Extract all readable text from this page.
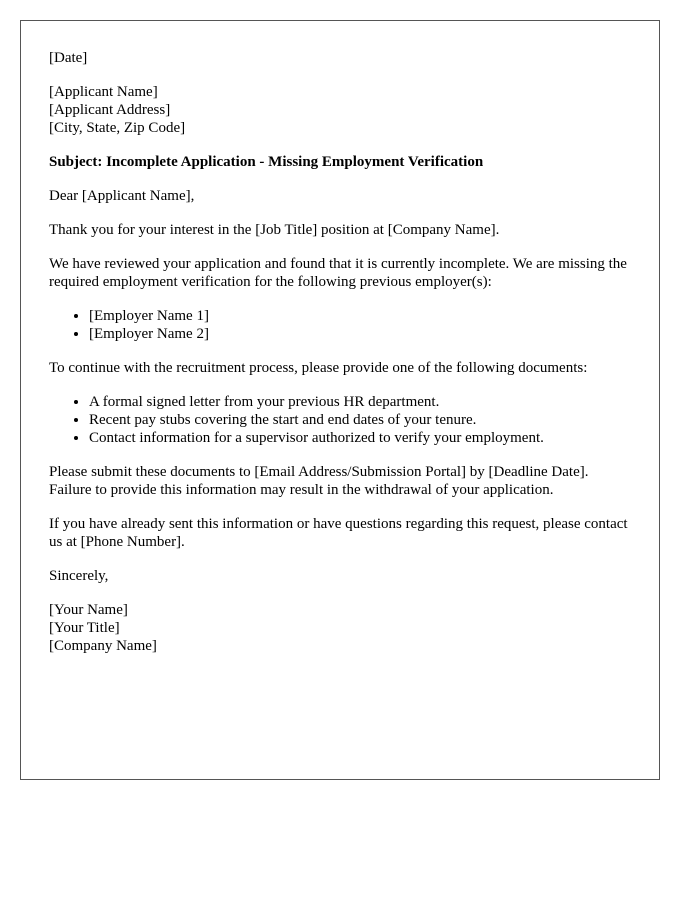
[Date]
[Applicant Name]
[Applicant Address]
[City, State, Zip Code]
Subject: Incomplete Application - Missing Employment Verification
Dear [Applicant Name],
Thank you for your interest in the [Job Title] position at [Company Name].
We have reviewed your application and found that it is currently incomplete. We are missing the required employment verification for the following previous employer(s):
• [Employer Name 1]
• [Employer Name 2]
To continue with the recruitment process, please provide one of the following documents:
• A formal signed letter from your previous HR department.
• Recent pay stubs covering the start and end dates of your tenure.
• Contact information for a supervisor authorized to verify your employment.
Please submit these documents to [Email Address/Submission Portal] by [Deadline Date]. Failure to provide this information may result in the withdrawal of your application.
If you have already sent this information or have questions regarding this request, please contact us at [Phone Number].
Sincerely,
[Your Name]
[Your Title]
[Company Name]
